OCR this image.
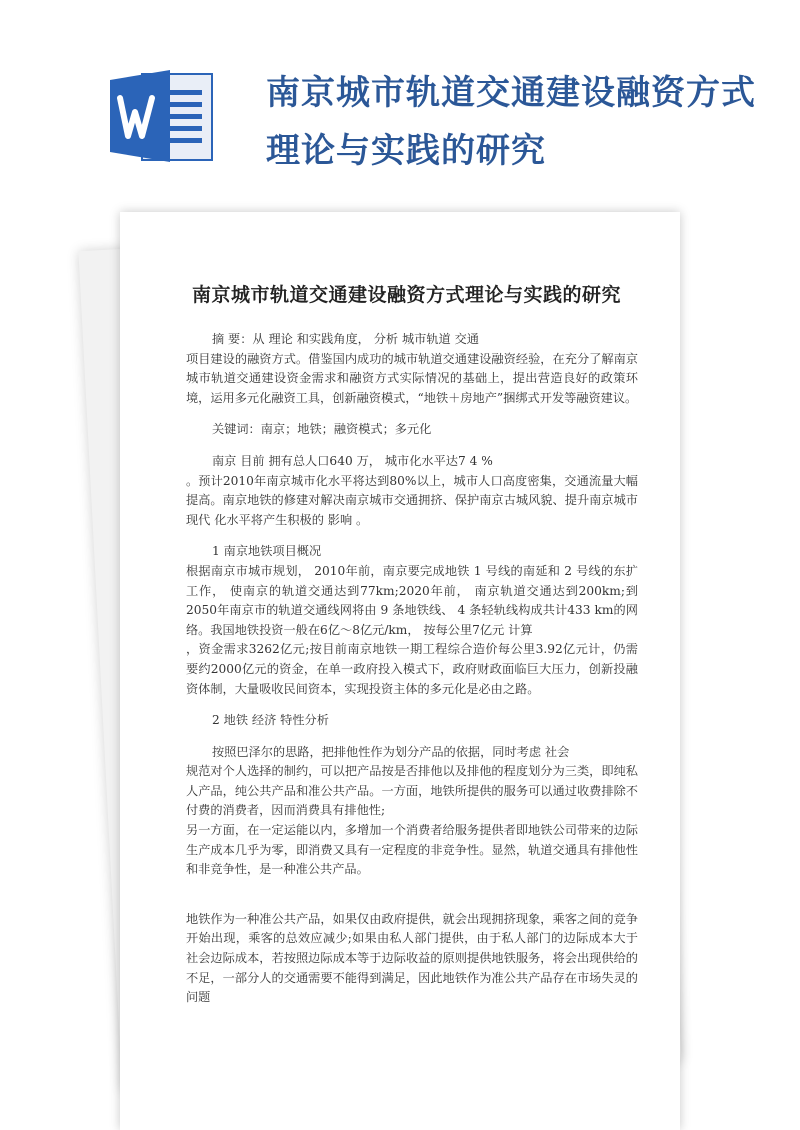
南京城市轨道交通建设融资方式理论与实践的研究
南京城市轨道交通建设融资方式理论与实践的研究

摘 要：从 理论 和实践角度， 分析 城市轨道 交通

项目建设的融资方式。借鉴国内成功的城市轨道交通建设融资经验，在充分了解南京城市轨道交通建设资金需求和融资方式实际情况的基础上，提出营造良好的政策环境，运用多元化融资工具，创新融资模式，“地铁＋房地产”捆绑式开发等融资建议。

关键词：南京；地铁；融资模式；多元化

南京 目前 拥有总人口640 万， 城市化水平达7 4 %

。预计2010年南京城市化水平将达到80%以上，城市人口高度密集，交通流量大幅提高。南京地铁的修建对解决南京城市交通拥挤、保护南京古城风貌、提升南京城市 现代 化水平将产生积极的 影响 。

1 南京地铁项目概况

根据南京市城市规划， 2010年前，南京要完成地铁 1 号线的南延和 2 号线的东扩工作， 使南京的轨道交通达到77km;2020年前， 南京轨道交通达到200km;到2050年南京市的轨道交通线网将由 9 条地铁线、 4 条轻轨线构成共计433 km的网络。我国地铁投资一般在6亿～8亿元/km， 按每公里7亿元 计算

，资金需求3262亿元;按目前南京地铁一期工程综合造价每公里3.92亿元计，仍需要约2000亿元的资金，在单一政府投入模式下，政府财政面临巨大压力，创新投融资体制，大量吸收民间资本，实现投资主体的多元化是必由之路。

2 地铁 经济 特性分析

按照巴泽尔的思路，把排他性作为划分产品的依据，同时考虑 社会

规范对个人选择的制约，可以把产品按是否排他以及排他的程度划分为三类，即纯私人产品，纯公共产品和准公共产品。一方面，地铁所提供的服务可以通过收费排除不付费的消费者，因而消费具有排他性;

另一方面，在一定运能以内，多增加一个消费者给服务提供者即地铁公司带来的边际生产成本几乎为零，即消费又具有一定程度的非竞争性。显然，轨道交通具有排他性和非竞争性，是一种准公共产品。

地铁作为一种准公共产品，如果仅由政府提供，就会出现拥挤现象，乘客之间的竞争开始出现，乘客的总效应减少;如果由私人部门提供，由于私人部门的边际成本大于社会边际成本，若按照边际成本等于边际收益的原则提供地铁服务，将会出现供给的不足，一部分人的交通需要不能得到满足，因此地铁作为准公共产品存在市场失灵的 问题
